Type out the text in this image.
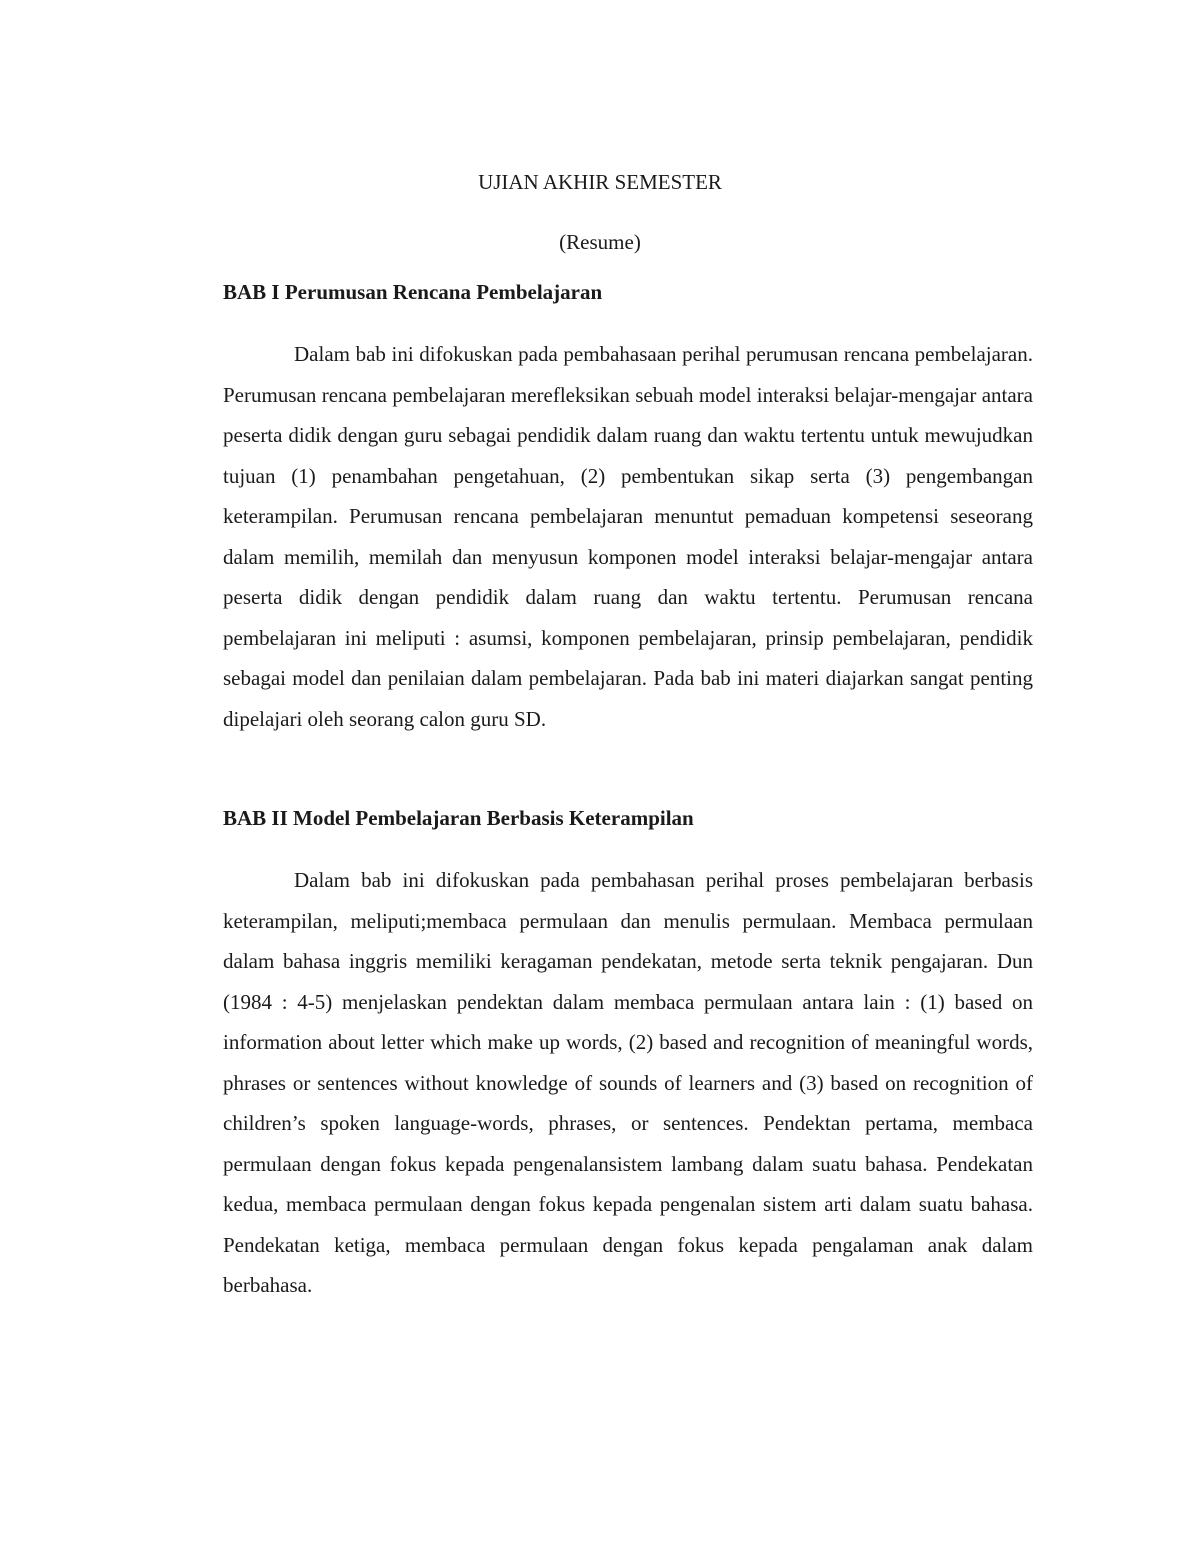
UJIAN AKHIR SEMESTER

(Resume)

BAB I Perumusan Rencana Pembelajaran

Dalam bab ini difokuskan pada pembahasaan perihal perumusan rencana pembelajaran. Perumusan rencana pembelajaran merefleksikan sebuah model interaksi belajar-mengajar antara peserta didik dengan guru sebagai pendidik dalam ruang dan waktu tertentu untuk mewujudkan tujuan (1) penambahan pengetahuan, (2) pembentukan sikap serta (3) pengembangan keterampilan. Perumusan rencana pembelajaran menuntut pemaduan kompetensi seseorang dalam memilih, memilah dan menyusun komponen model interaksi belajar-mengajar antara peserta didik dengan pendidik dalam ruang dan waktu tertentu. Perumusan rencana pembelajaran ini meliputi : asumsi, komponen pembelajaran, prinsip pembelajaran, pendidik sebagai model dan penilaian dalam pembelajaran. Pada bab ini materi diajarkan sangat penting dipelajari oleh seorang calon guru SD.

BAB II Model Pembelajaran Berbasis Keterampilan

Dalam bab ini difokuskan pada pembahasan perihal proses pembelajaran berbasis keterampilan, meliputi;membaca permulaan dan menulis permulaan. Membaca permulaan dalam bahasa inggris memiliki keragaman pendekatan, metode serta teknik pengajaran. Dun (1984 : 4-5) menjelaskan pendektan dalam membaca permulaan antara lain : (1) based on information about letter which make up words, (2) based and recognition of meaningful words, phrases or sentences without knowledge of sounds of learners and (3) based on recognition of children’s spoken language-words, phrases, or sentences. Pendektan pertama, membaca permulaan dengan fokus kepada pengenalansistem lambang dalam suatu bahasa. Pendekatan kedua, membaca permulaan dengan fokus kepada pengenalan sistem arti dalam suatu bahasa. Pendekatan ketiga, membaca permulaan dengan fokus kepada pengalaman anak dalam berbahasa.
